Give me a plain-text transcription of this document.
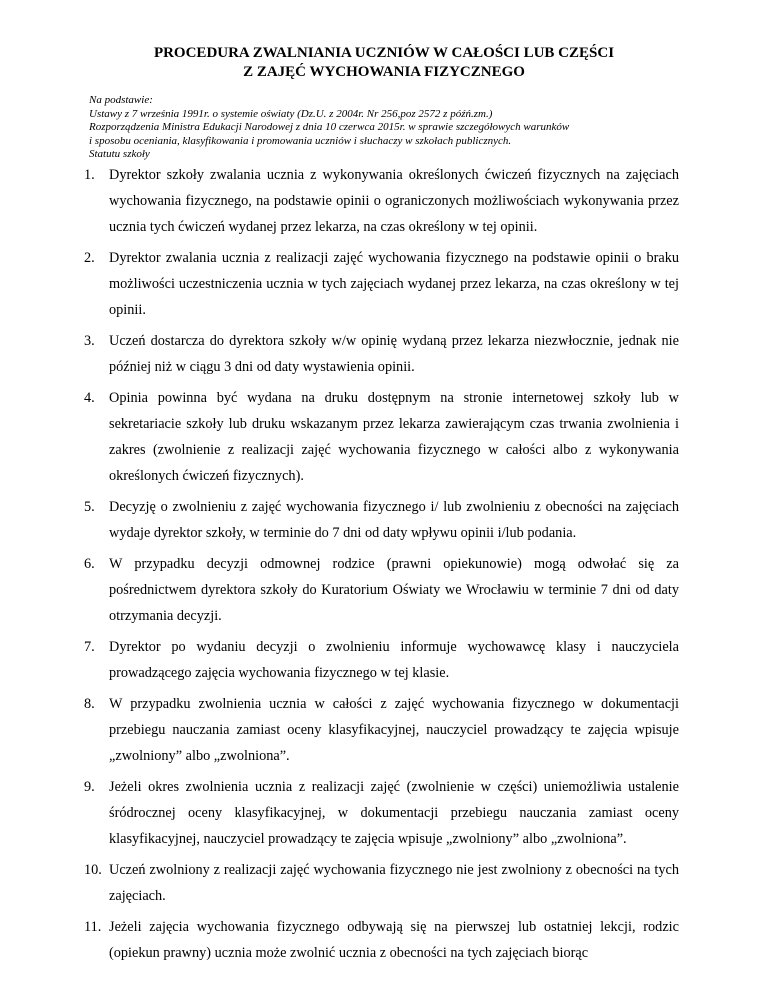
PROCEDURA ZWALNIANIA UCZNIÓW W CAŁOŚCI LUB CZĘŚCI
Z ZAJĘĆ WYCHOWANIA FIZYCZNEGO
Na podstawie:
Ustawy z 7 września 1991r. o systemie oświaty (Dz.U. z 2004r. Nr 256,poz 2572 z późń.zm.)
Rozporządzenia Ministra Edukacji Narodowej z dnia 10 czerwca 2015r. w sprawie szczegółowych warunków
i sposobu oceniania, klasyfikowania i promowania uczniów i słuchaczy w szkołach publicznych.
Statutu szkoły
1. Dyrektor szkoły zwalania ucznia z wykonywania określonych ćwiczeń fizycznych na zajęciach wychowania fizycznego, na podstawie opinii o ograniczonych możliwościach wykonywania przez ucznia tych ćwiczeń wydanej przez lekarza, na czas określony w tej opinii.
2. Dyrektor zwalania ucznia z realizacji zajęć wychowania fizycznego na podstawie opinii o braku możliwości uczestniczenia ucznia w tych zajęciach wydanej przez lekarza, na czas określony w tej opinii.
3. Uczeń dostarcza do dyrektora szkoły w/w opinię wydaną przez lekarza niezwłocznie, jednak nie później niż w ciągu 3 dni od daty wystawienia opinii.
4. Opinia powinna być wydana na druku dostępnym na stronie internetowej szkoły lub w sekretariacie szkoły lub druku wskazanym przez lekarza zawierającym czas trwania zwolnienia i zakres (zwolnienie z realizacji zajęć wychowania fizycznego w całości albo z wykonywania określonych ćwiczeń fizycznych).
5. Decyzję o zwolnieniu z zajęć wychowania fizycznego i/ lub zwolnieniu z obecności na zajęciach wydaje dyrektor szkoły, w terminie do 7 dni od daty wpływu opinii i/lub podania.
6. W przypadku decyzji odmownej rodzice (prawni opiekunowie) mogą odwołać się za pośrednictwem dyrektora szkoły do Kuratorium Oświaty we Wrocławiu w terminie 7 dni od daty otrzymania decyzji.
7. Dyrektor po wydaniu decyzji o zwolnieniu informuje wychowawcę klasy i nauczyciela prowadzącego zajęcia wychowania fizycznego w tej klasie.
8. W przypadku zwolnienia ucznia w całości z zajęć wychowania fizycznego w dokumentacji przebiegu nauczania zamiast oceny klasyfikacyjnej, nauczyciel prowadzący te zajęcia wpisuje „zwolniony” albo „zwolniona”.
9. Jeżeli okres zwolnienia ucznia z realizacji zajęć (zwolnienie w części) uniemożliwia ustalenie śródrocznej oceny klasyfikacyjnej, w dokumentacji przebiegu nauczania zamiast oceny klasyfikacyjnej, nauczyciel prowadzący te zajęcia wpisuje „zwolniony” albo „zwolniona”.
10. Uczeń zwolniony z realizacji zajęć wychowania fizycznego nie jest zwolniony z obecności na tych zajęciach.
11. Jeżeli zajęcia wychowania fizycznego odbywają się na pierwszej lub ostatniej lekcji, rodzic (opiekun prawny) ucznia może zwolnić ucznia z obecności na tych zajęciach biorąc
